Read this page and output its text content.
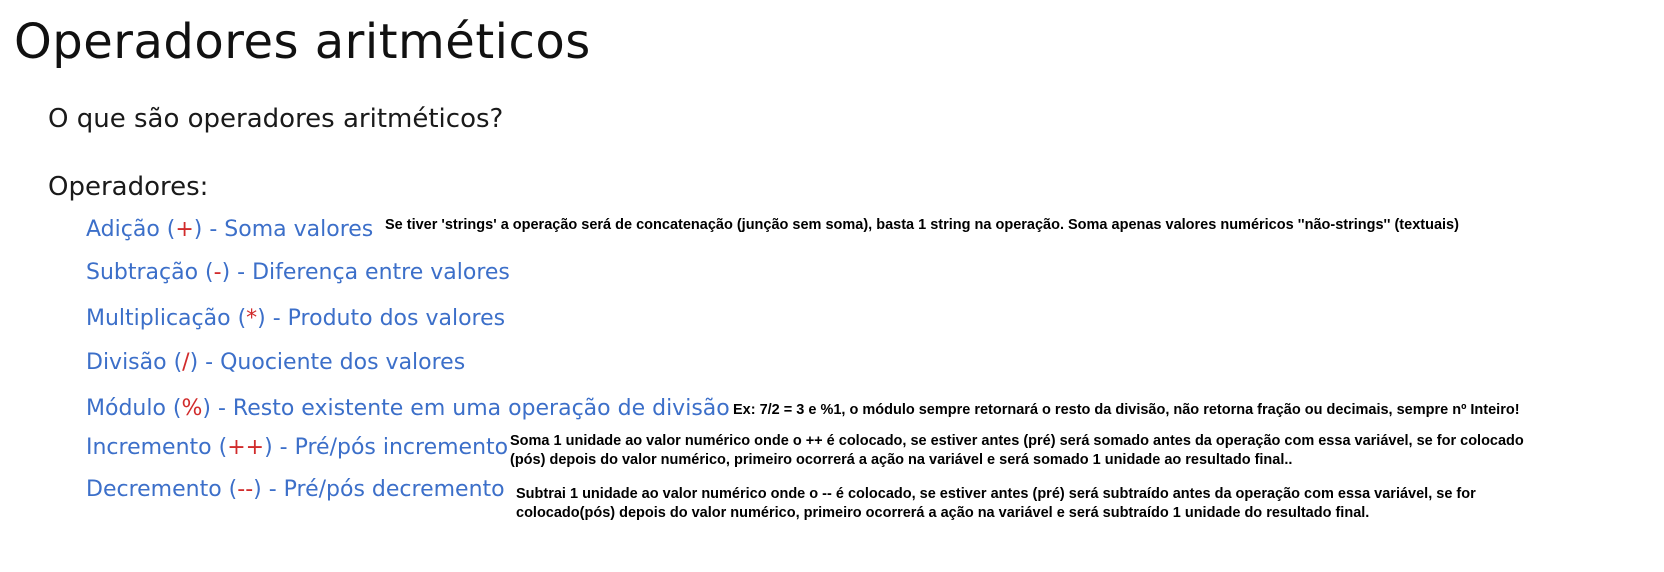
Operadores aritméticos
O que são operadores aritméticos?
Operadores:
Adição (+) - Soma valores
Subtração (-) - Diferença entre valores
Multiplicação (*) - Produto dos valores
Divisão (/) - Quociente dos valores
Módulo (%) - Resto existente em uma operação de divisão
Incremento (++) - Pré/pós incremento
Decremento (--) - Pré/pós decremento
Se tiver 'strings' a operação será de concatenação (junção sem soma), basta 1 string na operação. Soma apenas valores numéricos ''não-strings'' (textuais)
Ex: 7/2 = 3 e %1, o módulo sempre retornará o resto da divisão, não retorna fração ou decimais, sempre nº Inteiro!
Soma 1 unidade ao valor numérico onde o ++ é colocado, se estiver antes (pré) será somado antes da operação com essa variável, se for colocado (pós) depois do valor numérico, primeiro ocorrerá a ação na variável e será somado 1 unidade ao resultado final..
Subtrai 1 unidade ao valor numérico onde o -- é colocado, se estiver antes (pré) será subtraído antes da operação com essa variável, se for colocado(pós) depois do valor numérico, primeiro ocorrerá a ação na variável e será subtraído 1 unidade do resultado final.
